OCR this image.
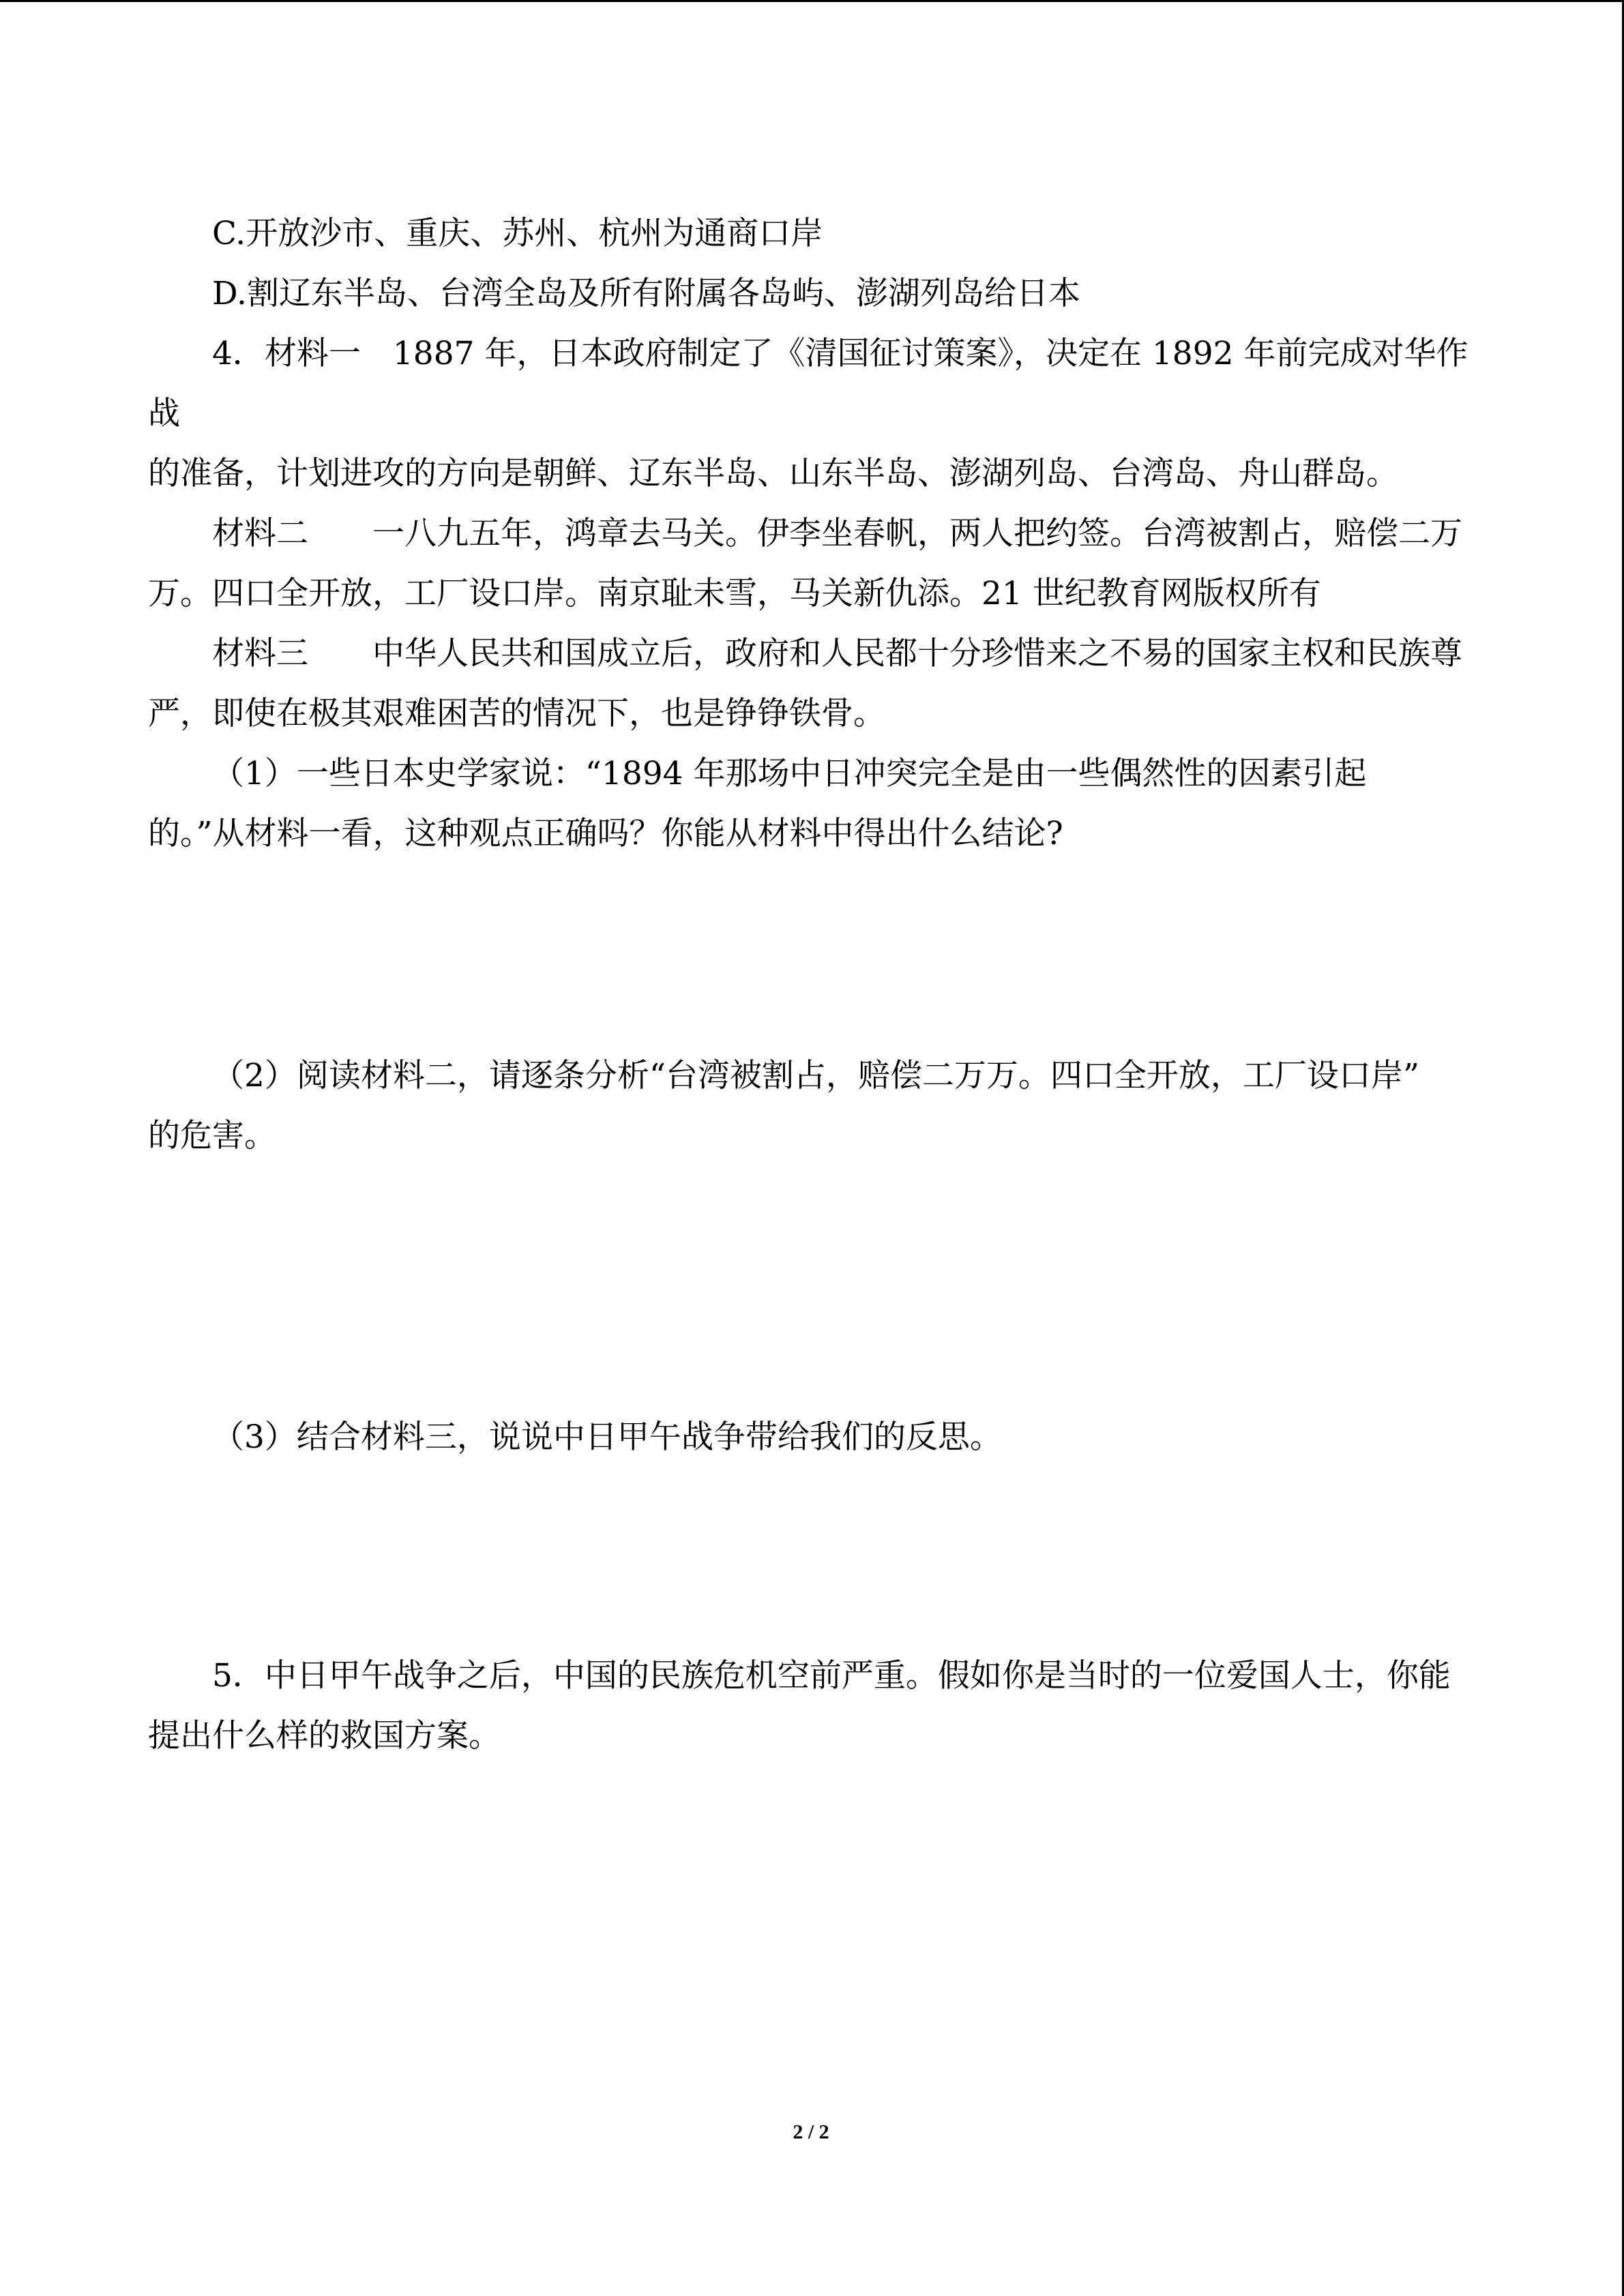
C.开放沙市、重庆、苏州、杭州为通商口岸
D.割辽东半岛、台湾全岛及所有附属各岛屿、澎湖列岛给日本
4．材料一　1887 年，日本政府制定了《清国征讨策案》，决定在 1892 年前完成对华作战
的准备，计划进攻的方向是朝鲜、辽东半岛、山东半岛、澎湖列岛、台湾岛、舟山群岛。
材料二　　一八九五年，鸿章去马关。伊李坐春帆，两人把约签。台湾被割占，赔偿二万
万。四口全开放，工厂设口岸。南京耻未雪，马关新仇添。21 世纪教育网版权所有
材料三　　中华人民共和国成立后，政府和人民都十分珍惜来之不易的国家主权和民族尊
严，即使在极其艰难困苦的情况下，也是铮铮铁骨。
（1）一些日本史学家说：“1894 年那场中日冲突完全是由一些偶然性的因素引起
的。”从材料一看，这种观点正确吗？你能从材料中得出什么结论?
（2）阅读材料二，请逐条分析“台湾被割占，赔偿二万万。四口全开放，工厂设口岸”
的危害。
（3）结合材料三，说说中日甲午战争带给我们的反思。
5．中日甲午战争之后，中国的民族危机空前严重。假如你是当时的一位爱国人士，你能
提出什么样的救国方案。
2 / 2
